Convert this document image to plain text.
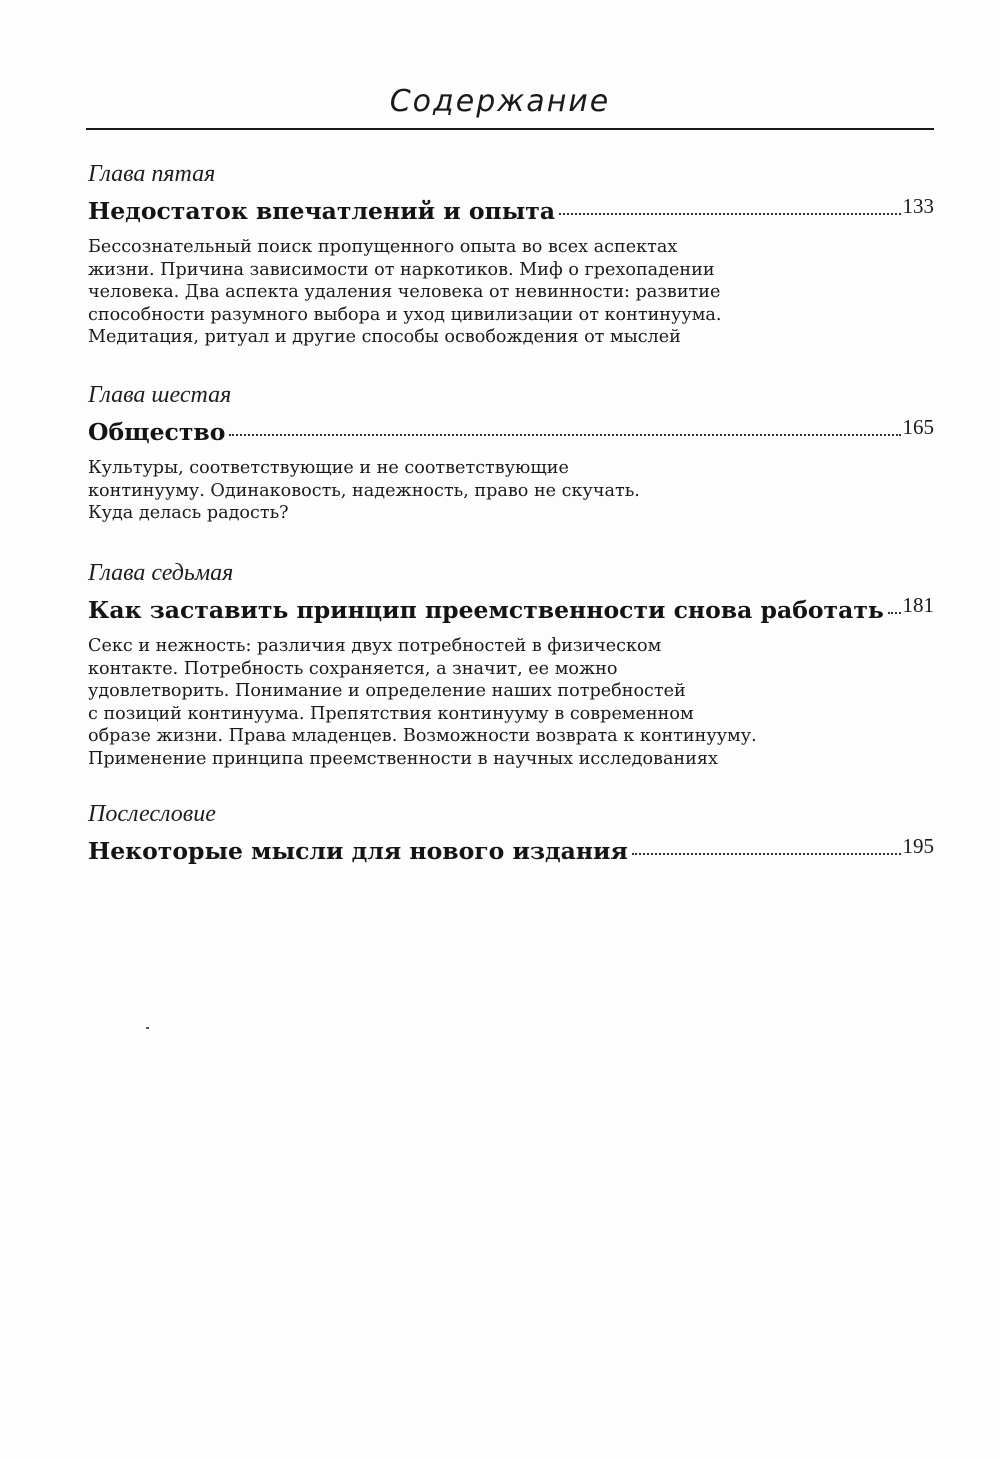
Содержание
Глава пятая
Недостаток впечатлений и опыта	133
Бессознательный поиск пропущенного опыта во всех аспектах
жизни. Причина зависимости от наркотиков. Миф о грехопадении
человека. Два аспекта удаления человека от невинности: развитие
способности разумного выбора и уход цивилизации от континуума.
Медитация, ритуал и другие способы освобождения от мыслей
Глава шестая
Общество	165
Культуры, соответствующие и не соответствующие
континууму. Одинаковость, надежность, право не скучать.
Куда делась радость?
Глава седьмая
Как заставить принцип преемственности снова работать 181
Секс и нежность: различия двух потребностей в физическом
контакте. Потребность сохраняется, а значит, ее можно
удовлетворить. Понимание и определение наших потребностей
с позиций континуума. Препятствия континууму в современном
образе жизни. Права младенцев. Возможности возврата к континууму.
Применение принципа преемственности в научных исследованиях
Послесловие
Некоторые мысли для нового издания	195
